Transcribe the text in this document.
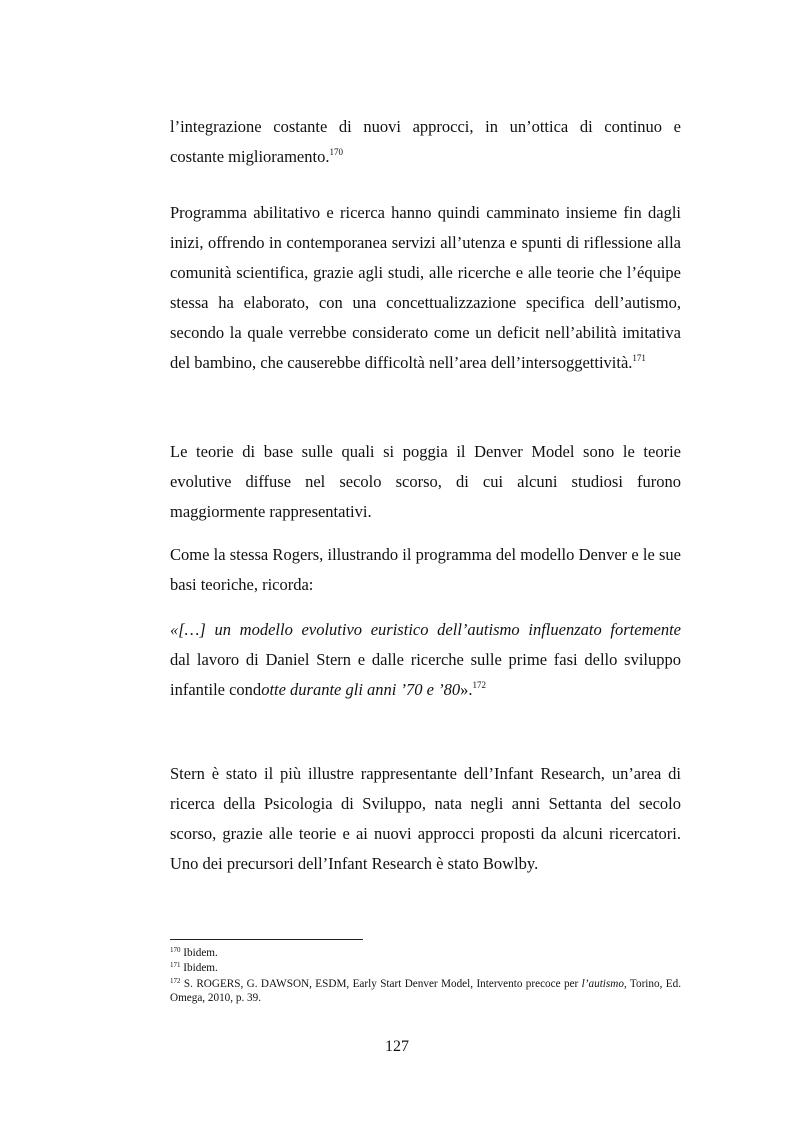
l’integrazione costante di nuovi approcci, in un’ottica di continuo e
costante miglioramento.$^{170}$

Programma abilitativo e ricerca hanno quindi camminato insieme fin dagli inizi, offrendo in contemporanea servizi all’utenza e spunti di riflessione alla comunità scientifica, grazie agli studi, alle ricerche e alle teorie che l’équipe stessa ha elaborato, con una concettualizzazione specifica dell’autismo, secondo la quale verrebbe considerato come un deficit nell’abilità imitativa del bambino, che causerebbe difficoltà nell’area dell’intersoggettività.$^{171}$

Le teorie di base sulle quali si poggia il Denver Model sono le teorie evolutive diffuse nel secolo scorso, di cui alcuni studiosi furono maggiormente rappresentativi.

Come la stessa Rogers, illustrando il programma del modello Denver e le sue basi teoriche, ricorda:

«[…] un modello evolutivo euristico dell’autismo influenzato fortemente
dal lavoro di Daniel Stern e dalle ricerche sulle prime fasi dello sviluppo
infantile condotte durante gli anni ’70 e ’80».$^{172}$

Stern è stato il più illustre rappresentante dell’Infant Research, un’area di ricerca della Psicologia di Sviluppo, nata negli anni Settanta del secolo scorso, grazie alle teorie e ai nuovi approcci proposti da alcuni ricercatori. Uno dei precursori dell’Infant Research è stato Bowlby.

$^{170}$ Ibidem.

$^{171}$ Ibidem.

$^{172}$ S. ROGERS, G. DAWSON, ESDM, Early Start Denver Model, Intervento precoce per l’autismo, Torino, Ed. Omega, 2010, p. 39.

127
